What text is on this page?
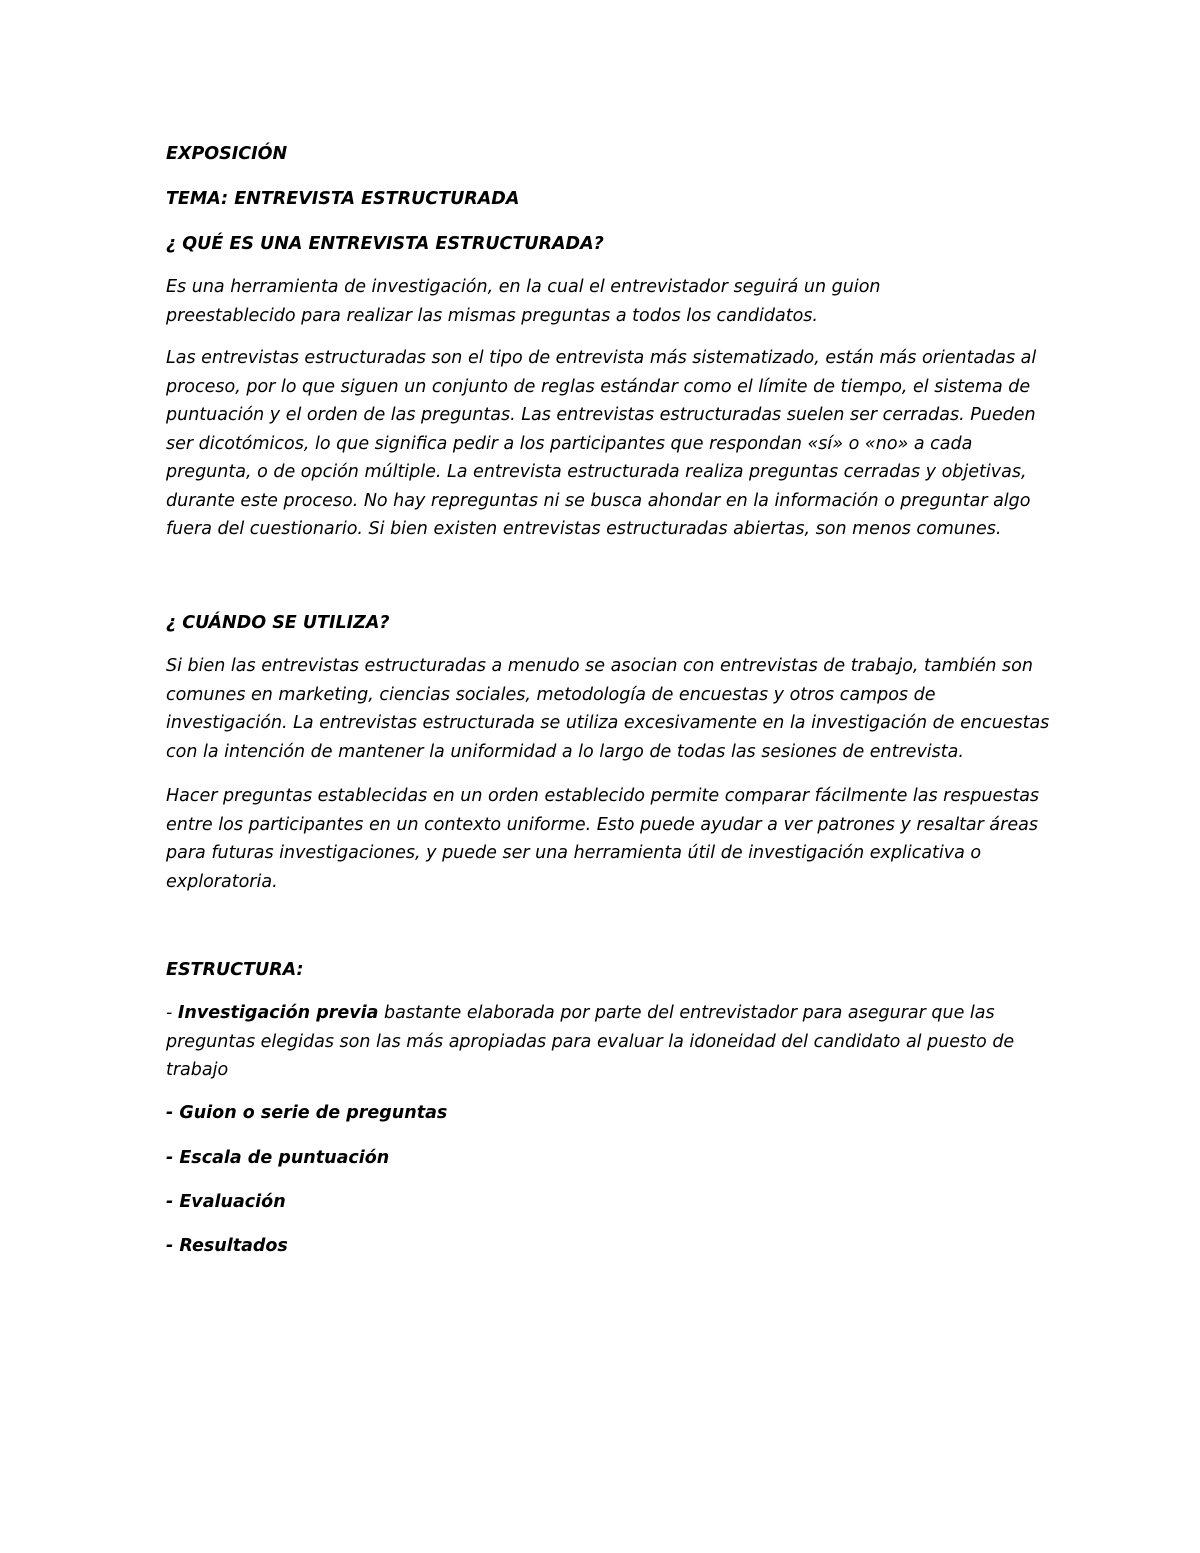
EXPOSICIÓN
TEMA: ENTREVISTA ESTRUCTURADA
¿ QUÉ ES UNA ENTREVISTA ESTRUCTURADA?
Es una herramienta de investigación, en la cual el entrevistador seguirá un guion
preestablecido para realizar las mismas preguntas a todos los candidatos.
Las entrevistas estructuradas son el tipo de entrevista más sistematizado, están más orientadas al
proceso, por lo que siguen un conjunto de reglas estándar como el límite de tiempo, el sistema de
puntuación y el orden de las preguntas. Las entrevistas estructuradas suelen ser cerradas. Pueden
ser dicotómicos, lo que significa pedir a los participantes que respondan «sí» o «no» a cada
pregunta, o de opción múltiple. La entrevista estructurada realiza preguntas cerradas y objetivas,
durante este proceso. No hay repreguntas ni se busca ahondar en la información o preguntar algo
fuera del cuestionario. Si bien existen entrevistas estructuradas abiertas, son menos comunes.
¿ CUÁNDO SE UTILIZA?
Si bien las entrevistas estructuradas a menudo se asocian con entrevistas de trabajo, también son
comunes en marketing, ciencias sociales, metodología de encuestas y otros campos de
investigación. La entrevistas estructurada se utiliza excesivamente en la investigación de encuestas
con la intención de mantener la uniformidad a lo largo de todas las sesiones de entrevista.
Hacer preguntas establecidas en un orden establecido permite comparar fácilmente las respuestas
entre los participantes en un contexto uniforme. Esto puede ayudar a ver patrones y resaltar áreas
para futuras investigaciones, y puede ser una herramienta útil de investigación explicativa o
exploratoria.
ESTRUCTURA:
- Investigación previa bastante elaborada por parte del entrevistador para asegurar que las
preguntas elegidas son las más apropiadas para evaluar la idoneidad del candidato al puesto de
trabajo
- Guion o serie de preguntas
- Escala de puntuación
- Evaluación
- Resultados
